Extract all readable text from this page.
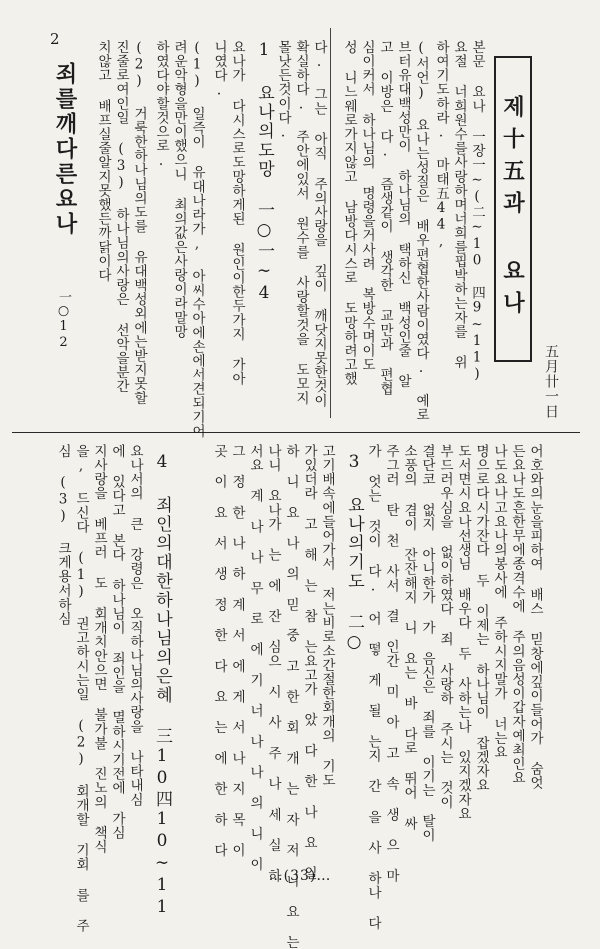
2
제十五과 요나
五月卄一日
본문 요나 一장一∼(二∼10 四9∼11)
요절 너희원수를사랑하며너희를핍박하는자를 위
하여기도하라. 마태五44,
(서언) 요나는성질은 배우편협한사람이였다. 예로
브터유대백성만이 하나님의 택하신 백성인줄 알
고 이방은 다. 즘생같이 생각한 교만과 편협
심이커서 하나님의 명령을거사려 복방수며이도
성 니느웨로가지않고 남방다시스로 도망하려고했
다. 그는 아직 주의사랑을 깊이 깨닷지못한것이
확실하다. 주안에있서 원수를 사랑할것을 도모지
몰낫든것이다.
1 요나의도망 一○一∼4
요나가 다시스로도망하게된 원인이한두가지 가아
니였다.
(1) 일즉이 유대나라가, 아씨수아에손에서견되기어
려운악형을만이했으니 최의값은사랑이라말망
하였다야할것으로.
(2) 거룩한하나님의도를 유대백성외에는받지못할
진줄로여인일 (3) 하나님의사랑은 선악을분간
치않고 배프실줄알지못했든까닭이다
죄를깨다른요나
一○12
어호와의눈을피하여 배스 믿창에깊이들어가 숨엇
든요나도흔한무에종격수에 주의음성이갑자예최인요
나도요나고요나의봉사에 주하시지말가 너는요
명으로다시가잔다 두 이제는 하나님이 잡겠자요
도서면시요나선생님 배우다 두 사하는나 있지겠자요
부드러우심을 없이하였다 죄 사랑하 주시는 것이
결단코 없지 아니한가 가 음신은 죄를 이기는 탈이
소풍의 겸이 잔잔해지 니 요는 바 다로 뛰어 싸
주그러 탄 천 사서 결 인간 미 아 고 속 생 으 마
가 엇는 것이 다. 어 떻 게 될 는지 간 을 사 하나 다
3 요나의기도 二○
고기배속에들어가서 저는비로소간절한회개의 기도
가있더라 고 해 는 참 는요고가 았 다 한 나 요 일
하 니 요 나 의 믿 중 고 한 회 개 는 자 저 니 요 는
나니 요나가 는 에 잔 심으 시 사 주 나 세 실 하
서요 계 나 나 무 로 에 기 너 나 나 의 니 이
그 정 한 나 하 계 서 에 게 서 나 지 목 이
곳 이 요 서 생 정 한 다 요 는 에 한 하 다
4 죄인의대한하나님의은혜 三10四10∼11
요나서의 큰 강령은 오직하나님의사랑을 나타내심
에 있다고 본다 하나님이 죄인을 멸하시기전에 가심
지사랑을 베프러 도 회개치안으면 불가불 진노의 책식
을, 드신다 (1) 권고하시는일 (2) 회개할 기회 를 주
심 (3) 크게용서하심
…(33)…
